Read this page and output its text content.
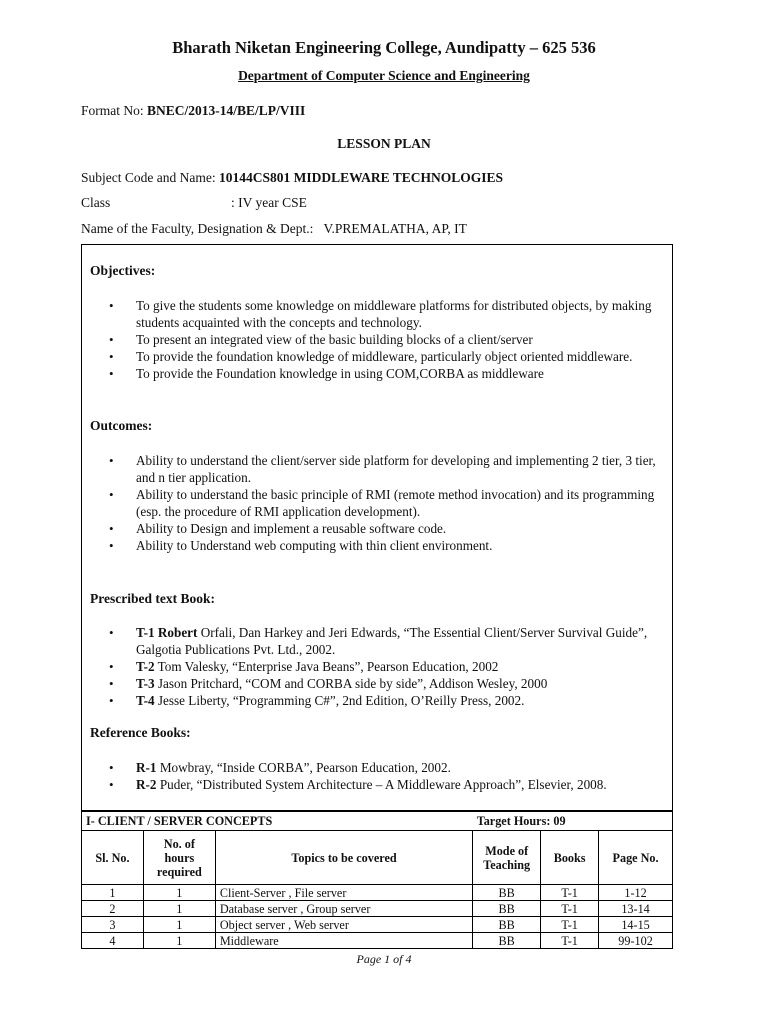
Bharath Niketan Engineering College, Aundipatty – 625 536
Department of Computer Science and Engineering
Format No: BNEC/2013-14/BE/LP/VIII
LESSON PLAN
Subject Code and Name: 10144CS801 MIDDLEWARE TECHNOLOGIES
Class	: IV year CSE
Name of the Faculty, Designation & Dept.: V.PREMALATHA, AP, IT
Objectives:
• To give the students some knowledge on middleware platforms for distributed objects, by making students acquainted with the concepts and technology.
• To present an integrated view of the basic building blocks of a client/server
• To provide the foundation knowledge of middleware, particularly object oriented middleware.
• To provide the Foundation knowledge in using COM,CORBA as middleware
Outcomes:
• Ability to understand the client/server side platform for developing and implementing 2 tier, 3 tier, and n tier application.
• Ability to understand the basic principle of RMI (remote method invocation) and its programming (esp. the procedure of RMI application development).
• Ability to Design and implement a reusable software code.
• Ability to Understand web computing with thin client environment.
Prescribed text Book:
• T-1 Robert Orfali, Dan Harkey and Jeri Edwards, “The Essential Client/Server Survival Guide”, Galgotia Publications Pvt. Ltd., 2002.
• T-2 Tom Valesky, “Enterprise Java Beans”, Pearson Education, 2002
• T-3 Jason Pritchard, “COM and CORBA side by side”, Addison Wesley, 2000
• T-4 Jesse Liberty, “Programming C#”, 2nd Edition, O’Reilly Press, 2002.
Reference Books:
• R-1 Mowbray, “Inside CORBA”, Pearson Education, 2002.
• R-2 Puder, “Distributed System Architecture – A Middleware Approach”, Elsevier, 2008.
I- CLIENT / SERVER CONCEPTS			Target Hours: 09		
Sl. No.	No. of hours required	Topics to be covered	Mode of Teaching	Books	Page No.
1	1	Client-Server , File server	BB	T-1	1-12
2	1	Database server , Group server	BB	T-1	13-14
3	1	Object server , Web server	BB	T-1	14-15
4	1	Middleware	BB	T-1	99-102
Page 1 of 4
